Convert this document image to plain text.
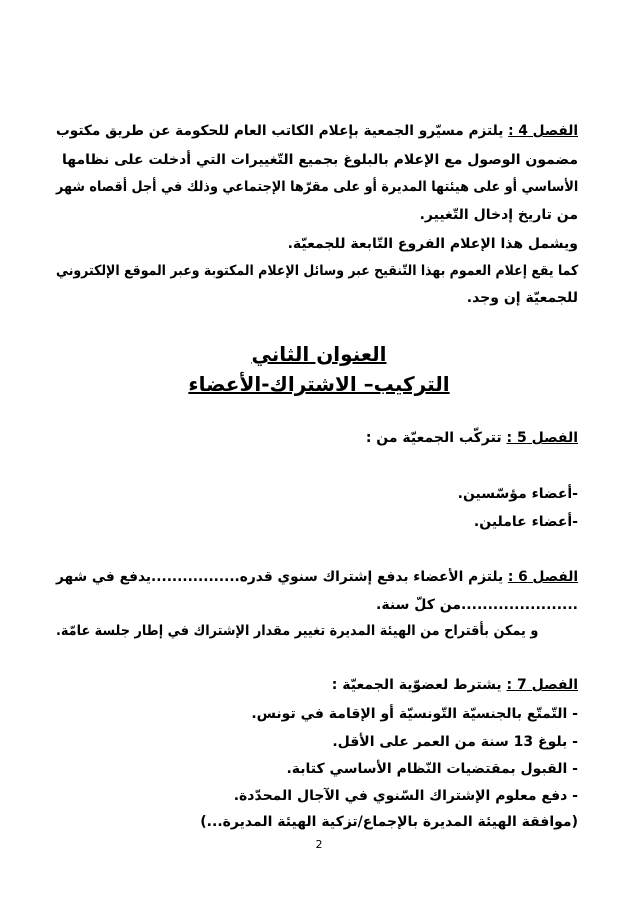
الفصل 4 : يلتزم مسيّرو الجمعية بإعلام الكاتب العام للحكومة عن طريق مكتوب
مضمون الوصول مع الإعلام بالبلوغ بجميع التّغييرات التي أدخلت على نظامها
الأساسي أو على هيئتها المديرة أو على مقرّها الإجتماعي وذلك في أجل أقصاه شهر
من تاريخ إدخال التّغيير.
ويشمل هذا الإعلام الفروع التّابعة للجمعيّة.
كما يقع إعلام العموم بهذا التّنقيح عبر وسائل الإعلام المكتوبة وعبر الموقع الإلكتروني
للجمعيّة إن وجد.
العنوان الثاني
التركيب– الاشتراك-الأعضاء
الفصل 5 : تتركّب الجمعيّة من :
-أعضاء مؤسّسين.
-أعضاء عاملين.
الفصل 6 : يلتزم الأعضاء بدفع إشتراك سنوي قدره.................يدفع في شهر
......................من كلّ سنة.
و يمكن بأقتراح من الهيئة المديرة تغيير مقدار الإشتراك في إطار جلسة عامّة.
الفصل 7 : يشترط لعضوّية الجمعيّة :
- التّمتّع بالجنسيّة التّونسيّة أو الإقامة في تونس.
- بلوغ 13 سنة من العمر على الأقل.
- القبول بمقتضيات النّظام الأساسي كتابة.
- دفع معلوم الإشتراك السّنوي في الآجال المحدّدة.
(موافقة الهيئة المديرة بالإجماع/تزكية الهيئة المديرة...)
2
